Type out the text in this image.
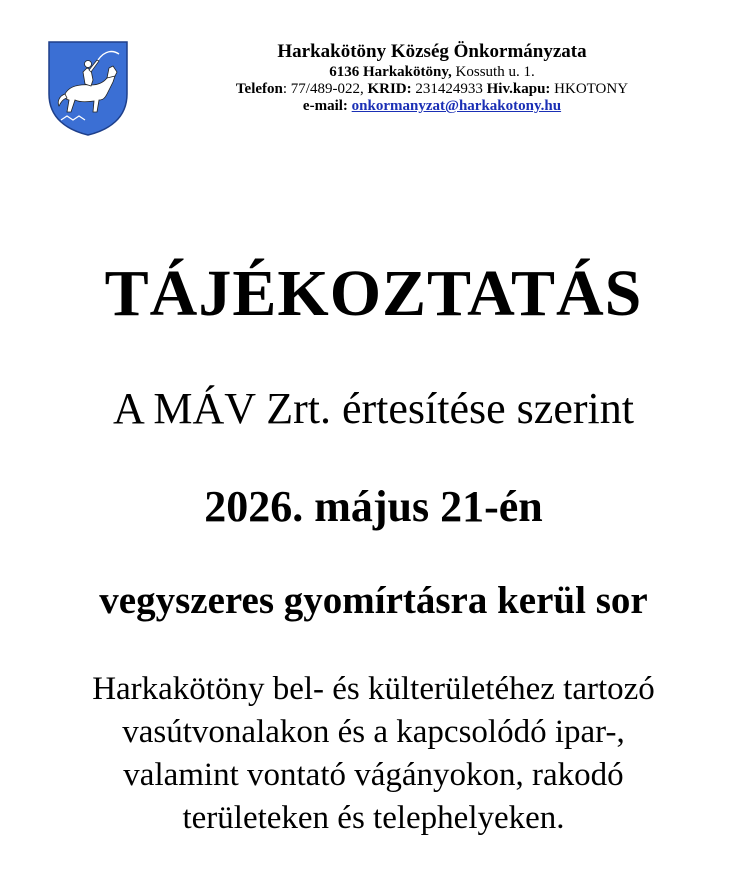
Harkakötöny Község Önkormányzata
6136 Harkakötöny, Kossuth u. 1.
Telefon: 77/489-022, KRID: 231424933 Hiv.kapu: HKOTONY
e-mail: onkormanyzat@harkakotony.hu
TÁJÉKOZTATÁS
A MÁV Zrt. értesítése szerint
2026. május 21-én
vegyszeres gyomírtásra kerül sor
Harkakötöny bel- és külterületéhez tartozó
vasútvonalakon és a kapcsolódó ipar-,
valamint vontató vágányokon, rakodó
területeken és telephelyeken.
